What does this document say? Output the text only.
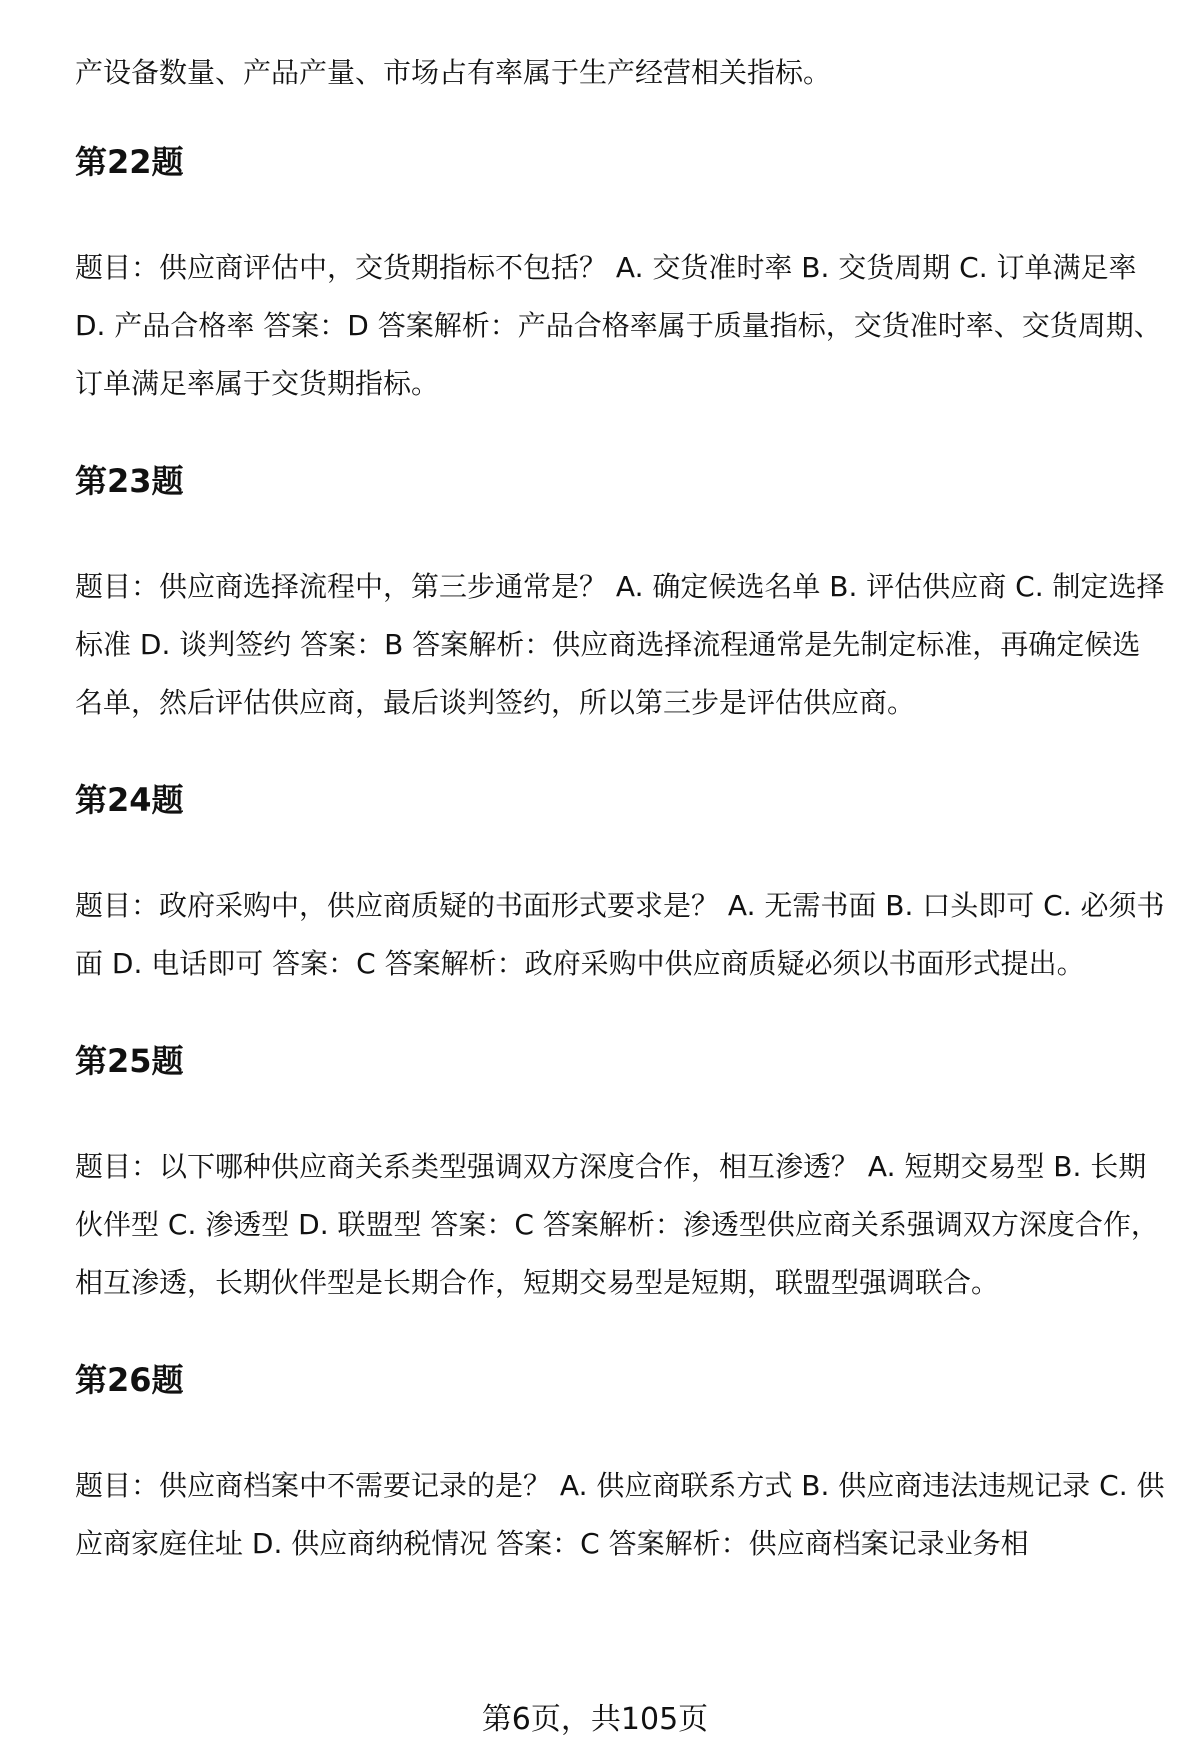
产设备数量、产品产量、市场占有率属于生产经营相关指标。

第22题

题目：供应商评估中，交货期指标不包括？ A. 交货准时率 B. 交货周期 C. 订单满足率 D. 产品合格率 答案：D 答案解析：产品合格率属于质量指标，交货准时率、交货周期、订单满足率属于交货期指标。

第23题

题目：供应商选择流程中，第三步通常是？ A. 确定候选名单 B. 评估供应商 C. 制定选择标准 D. 谈判签约 答案：B 答案解析：供应商选择流程通常是先制定标准，再确定候选名单，然后评估供应商，最后谈判签约，所以第三步是评估供应商。

第24题

题目：政府采购中，供应商质疑的书面形式要求是？ A. 无需书面 B. 口头即可 C. 必须书面 D. 电话即可 答案：C 答案解析：政府采购中供应商质疑必须以书面形式提出。

第25题

题目：以下哪种供应商关系类型强调双方深度合作，相互渗透？ A. 短期交易型 B. 长期伙伴型 C. 渗透型 D. 联盟型 答案：C 答案解析：渗透型供应商关系强调双方深度合作，相互渗透，长期伙伴型是长期合作，短期交易型是短期，联盟型强调联合。

第26题

题目：供应商档案中不需要记录的是？ A. 供应商联系方式 B. 供应商违法违规记录 C. 供应商家庭住址 D. 供应商纳税情况 答案：C 答案解析：供应商档案记录业务相

第6页，共105页
